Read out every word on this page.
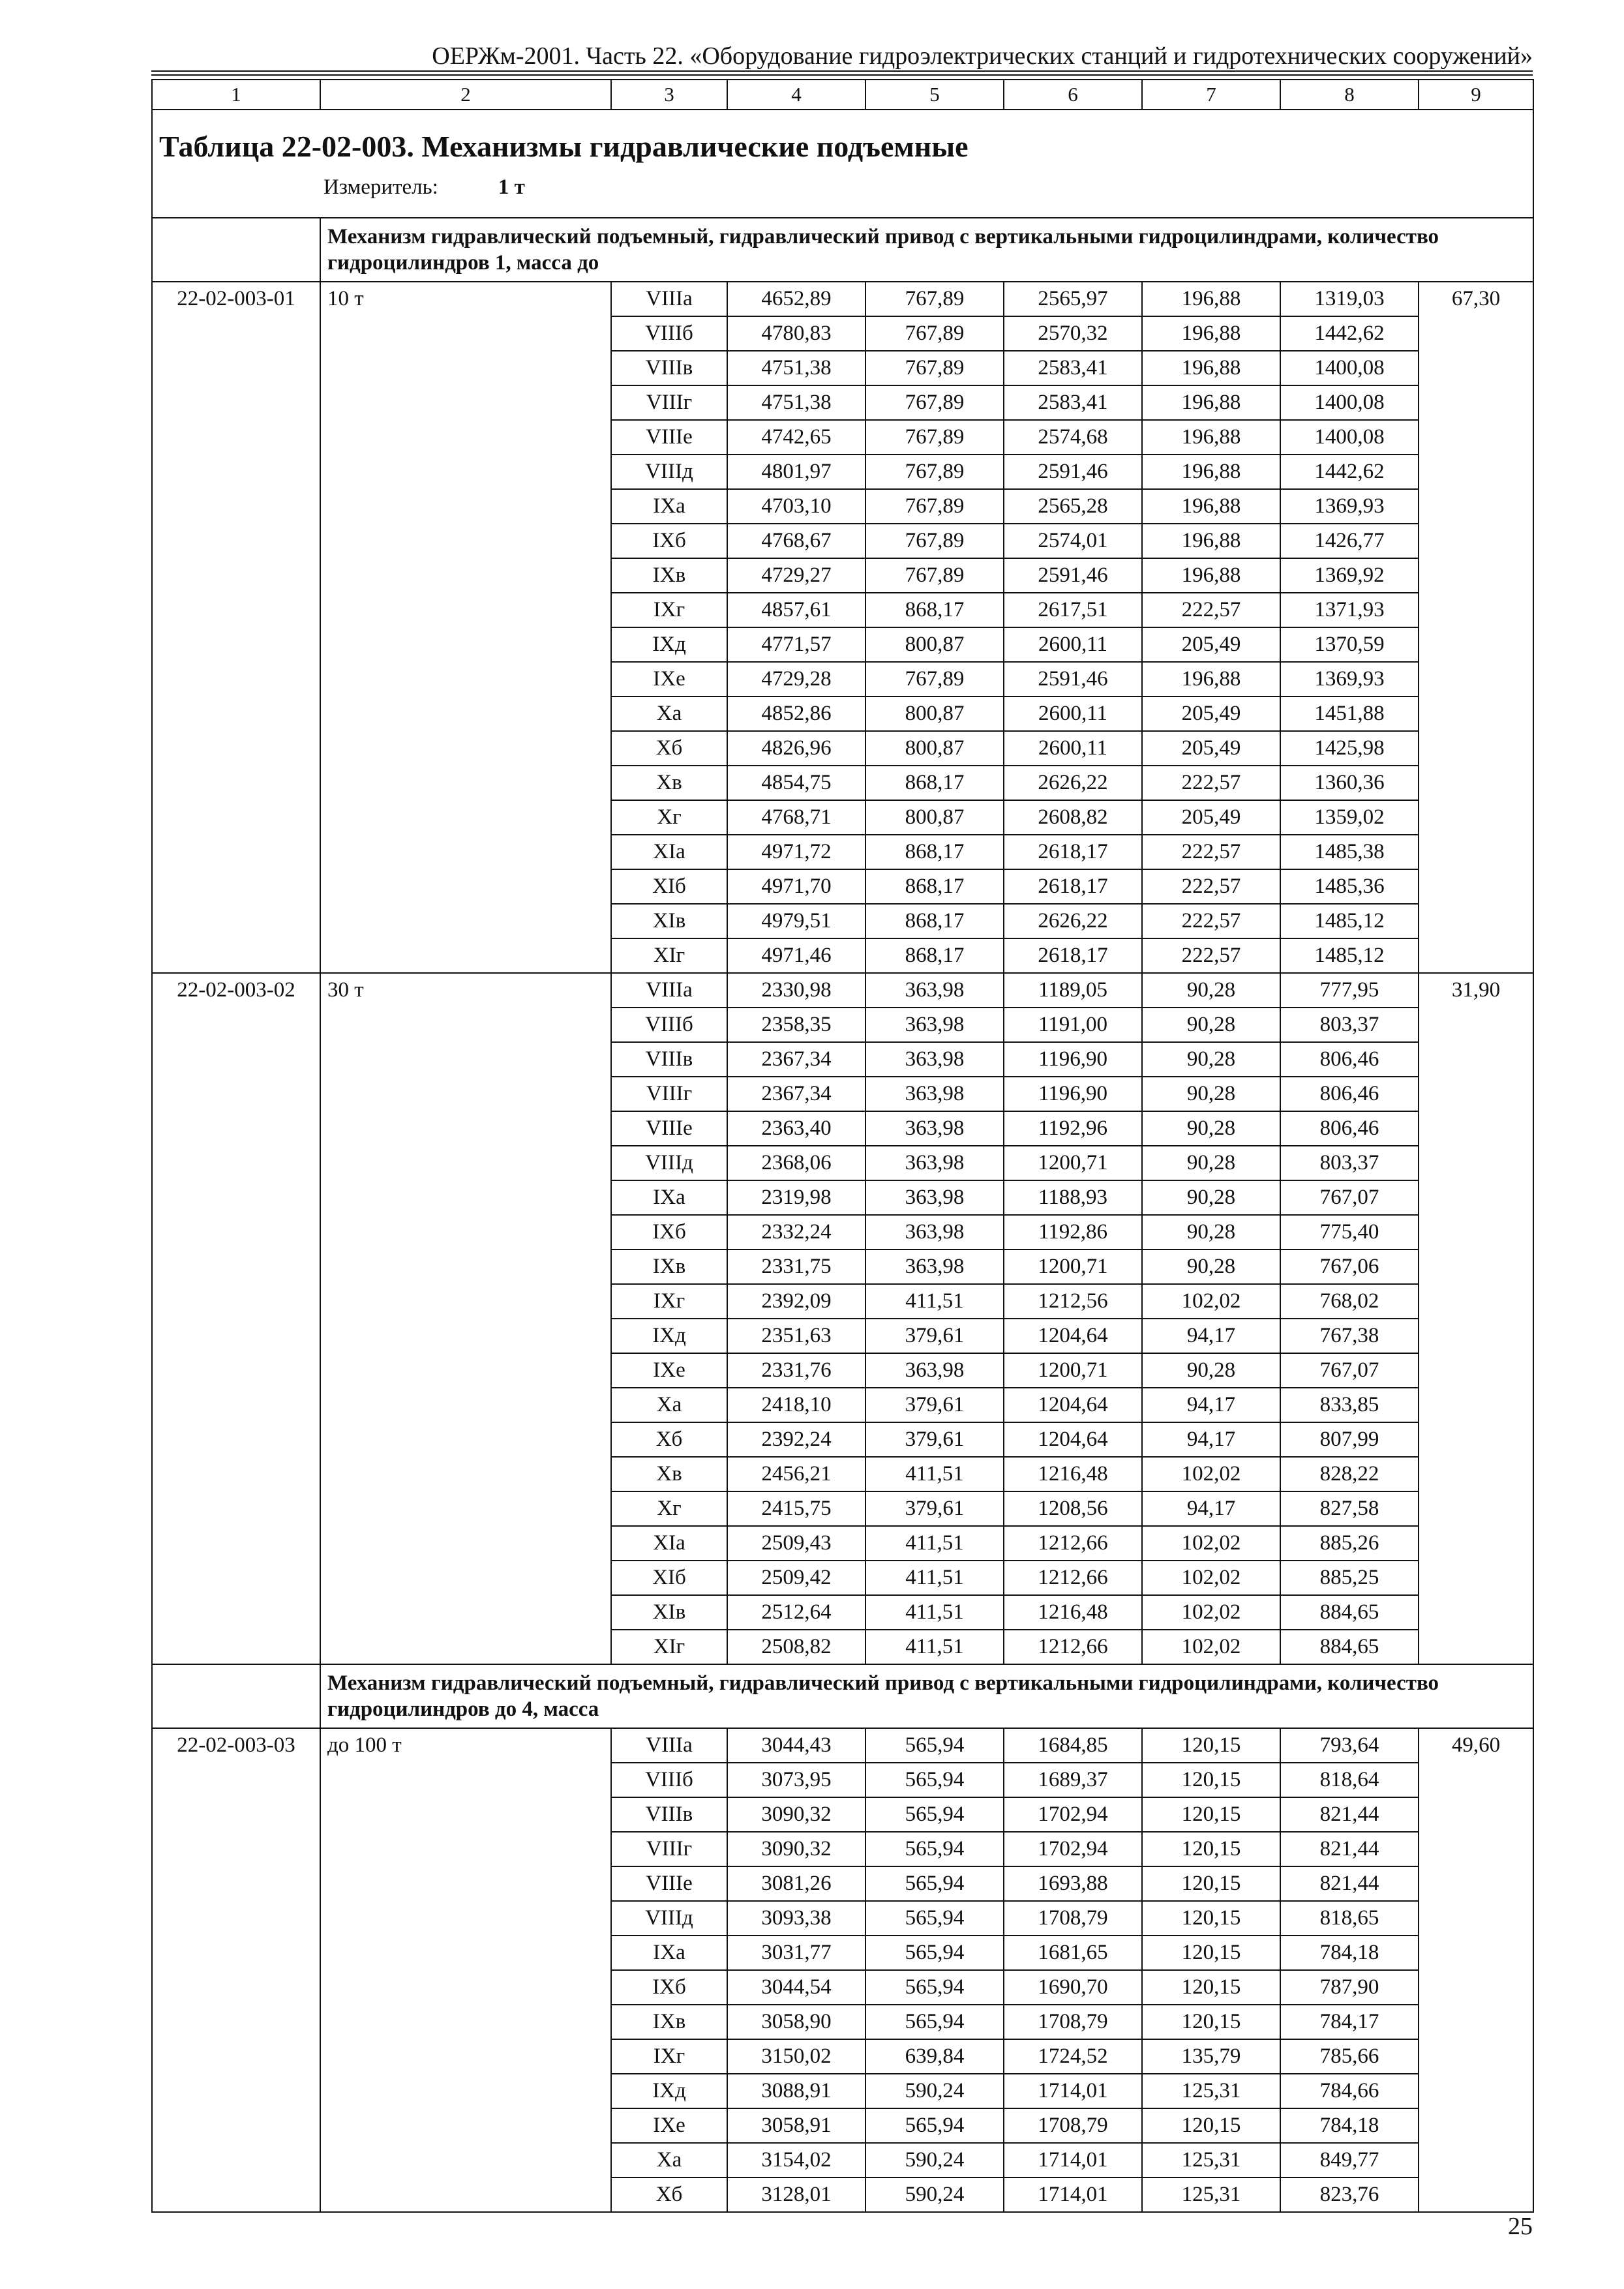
ОЕРЖм-2001. Часть 22. «Оборудование гидроэлектрических станций и гидротехнических сооружений»
1	2	3	4	5	6	7	8	9

Таблица 22-02-003. Механизмы гидравлические подъемные
Измеритель: 1 т								

	Механизм гидравлический подъемный, гидравлический привод с вертикальными гидроцилиндрами, количество гидроцилиндров 1, масса до							
22-02-003-01	10 т	VIIIа	4652,89	767,89	2565,97	196,88	1319,03	67,30
		VIIIб	4780,83	767,89	2570,32	196,88	1442,62	
		VIIIв	4751,38	767,89	2583,41	196,88	1400,08	
		VIIIг	4751,38	767,89	2583,41	196,88	1400,08	
		VIIIе	4742,65	767,89	2574,68	196,88	1400,08	
		VIIIд	4801,97	767,89	2591,46	196,88	1442,62	
		IXа	4703,10	767,89	2565,28	196,88	1369,93	
		IXб	4768,67	767,89	2574,01	196,88	1426,77	
		IXв	4729,27	767,89	2591,46	196,88	1369,92	
		IXг	4857,61	868,17	2617,51	222,57	1371,93	
		IXд	4771,57	800,87	2600,11	205,49	1370,59	
		IXе	4729,28	767,89	2591,46	196,88	1369,93	
		Xа	4852,86	800,87	2600,11	205,49	1451,88	
		Xб	4826,96	800,87	2600,11	205,49	1425,98	
		Xв	4854,75	868,17	2626,22	222,57	1360,36	
		Xг	4768,71	800,87	2608,82	205,49	1359,02	
		XIа	4971,72	868,17	2618,17	222,57	1485,38	
		XIб	4971,70	868,17	2618,17	222,57	1485,36	
		XIв	4979,51	868,17	2626,22	222,57	1485,12	
		XIг	4971,46	868,17	2618,17	222,57	1485,12	
22-02-003-02	30 т	VIIIа	2330,98	363,98	1189,05	90,28	777,95	31,90
		VIIIб	2358,35	363,98	1191,00	90,28	803,37	
		VIIIв	2367,34	363,98	1196,90	90,28	806,46	
		VIIIг	2367,34	363,98	1196,90	90,28	806,46	
		VIIIе	2363,40	363,98	1192,96	90,28	806,46	
		VIIIд	2368,06	363,98	1200,71	90,28	803,37	
		IXа	2319,98	363,98	1188,93	90,28	767,07	
		IXб	2332,24	363,98	1192,86	90,28	775,40	
		IXв	2331,75	363,98	1200,71	90,28	767,06	
		IXг	2392,09	411,51	1212,56	102,02	768,02	
		IXд	2351,63	379,61	1204,64	94,17	767,38	
		IXе	2331,76	363,98	1200,71	90,28	767,07	
		Xа	2418,10	379,61	1204,64	94,17	833,85	
		Xб	2392,24	379,61	1204,64	94,17	807,99	
		Xв	2456,21	411,51	1216,48	102,02	828,22	
		Xг	2415,75	379,61	1208,56	94,17	827,58	
		XIа	2509,43	411,51	1212,66	102,02	885,26	
		XIб	2509,42	411,51	1212,66	102,02	885,25	
		XIв	2512,64	411,51	1216,48	102,02	884,65	
		XIг	2508,82	411,51	1212,66	102,02	884,65	
	Механизм гидравлический подъемный, гидравлический привод с вертикальными гидроцилиндрами, количество гидроцилиндров до 4, масса							
22-02-003-03	до 100 т	VIIIа	3044,43	565,94	1684,85	120,15	793,64	49,60
		VIIIб	3073,95	565,94	1689,37	120,15	818,64	
		VIIIв	3090,32	565,94	1702,94	120,15	821,44	
		VIIIг	3090,32	565,94	1702,94	120,15	821,44	
		VIIIе	3081,26	565,94	1693,88	120,15	821,44	
		VIIIд	3093,38	565,94	1708,79	120,15	818,65	
		IXа	3031,77	565,94	1681,65	120,15	784,18	
		IXб	3044,54	565,94	1690,70	120,15	787,90	
		IXв	3058,90	565,94	1708,79	120,15	784,17	
		IXг	3150,02	639,84	1724,52	135,79	785,66	
		IXд	3088,91	590,24	1714,01	125,31	784,66	
		IXе	3058,91	565,94	1708,79	120,15	784,18	
		Xа	3154,02	590,24	1714,01	125,31	849,77	
		Xб	3128,01	590,24	1714,01	125,31	823,76	
25
